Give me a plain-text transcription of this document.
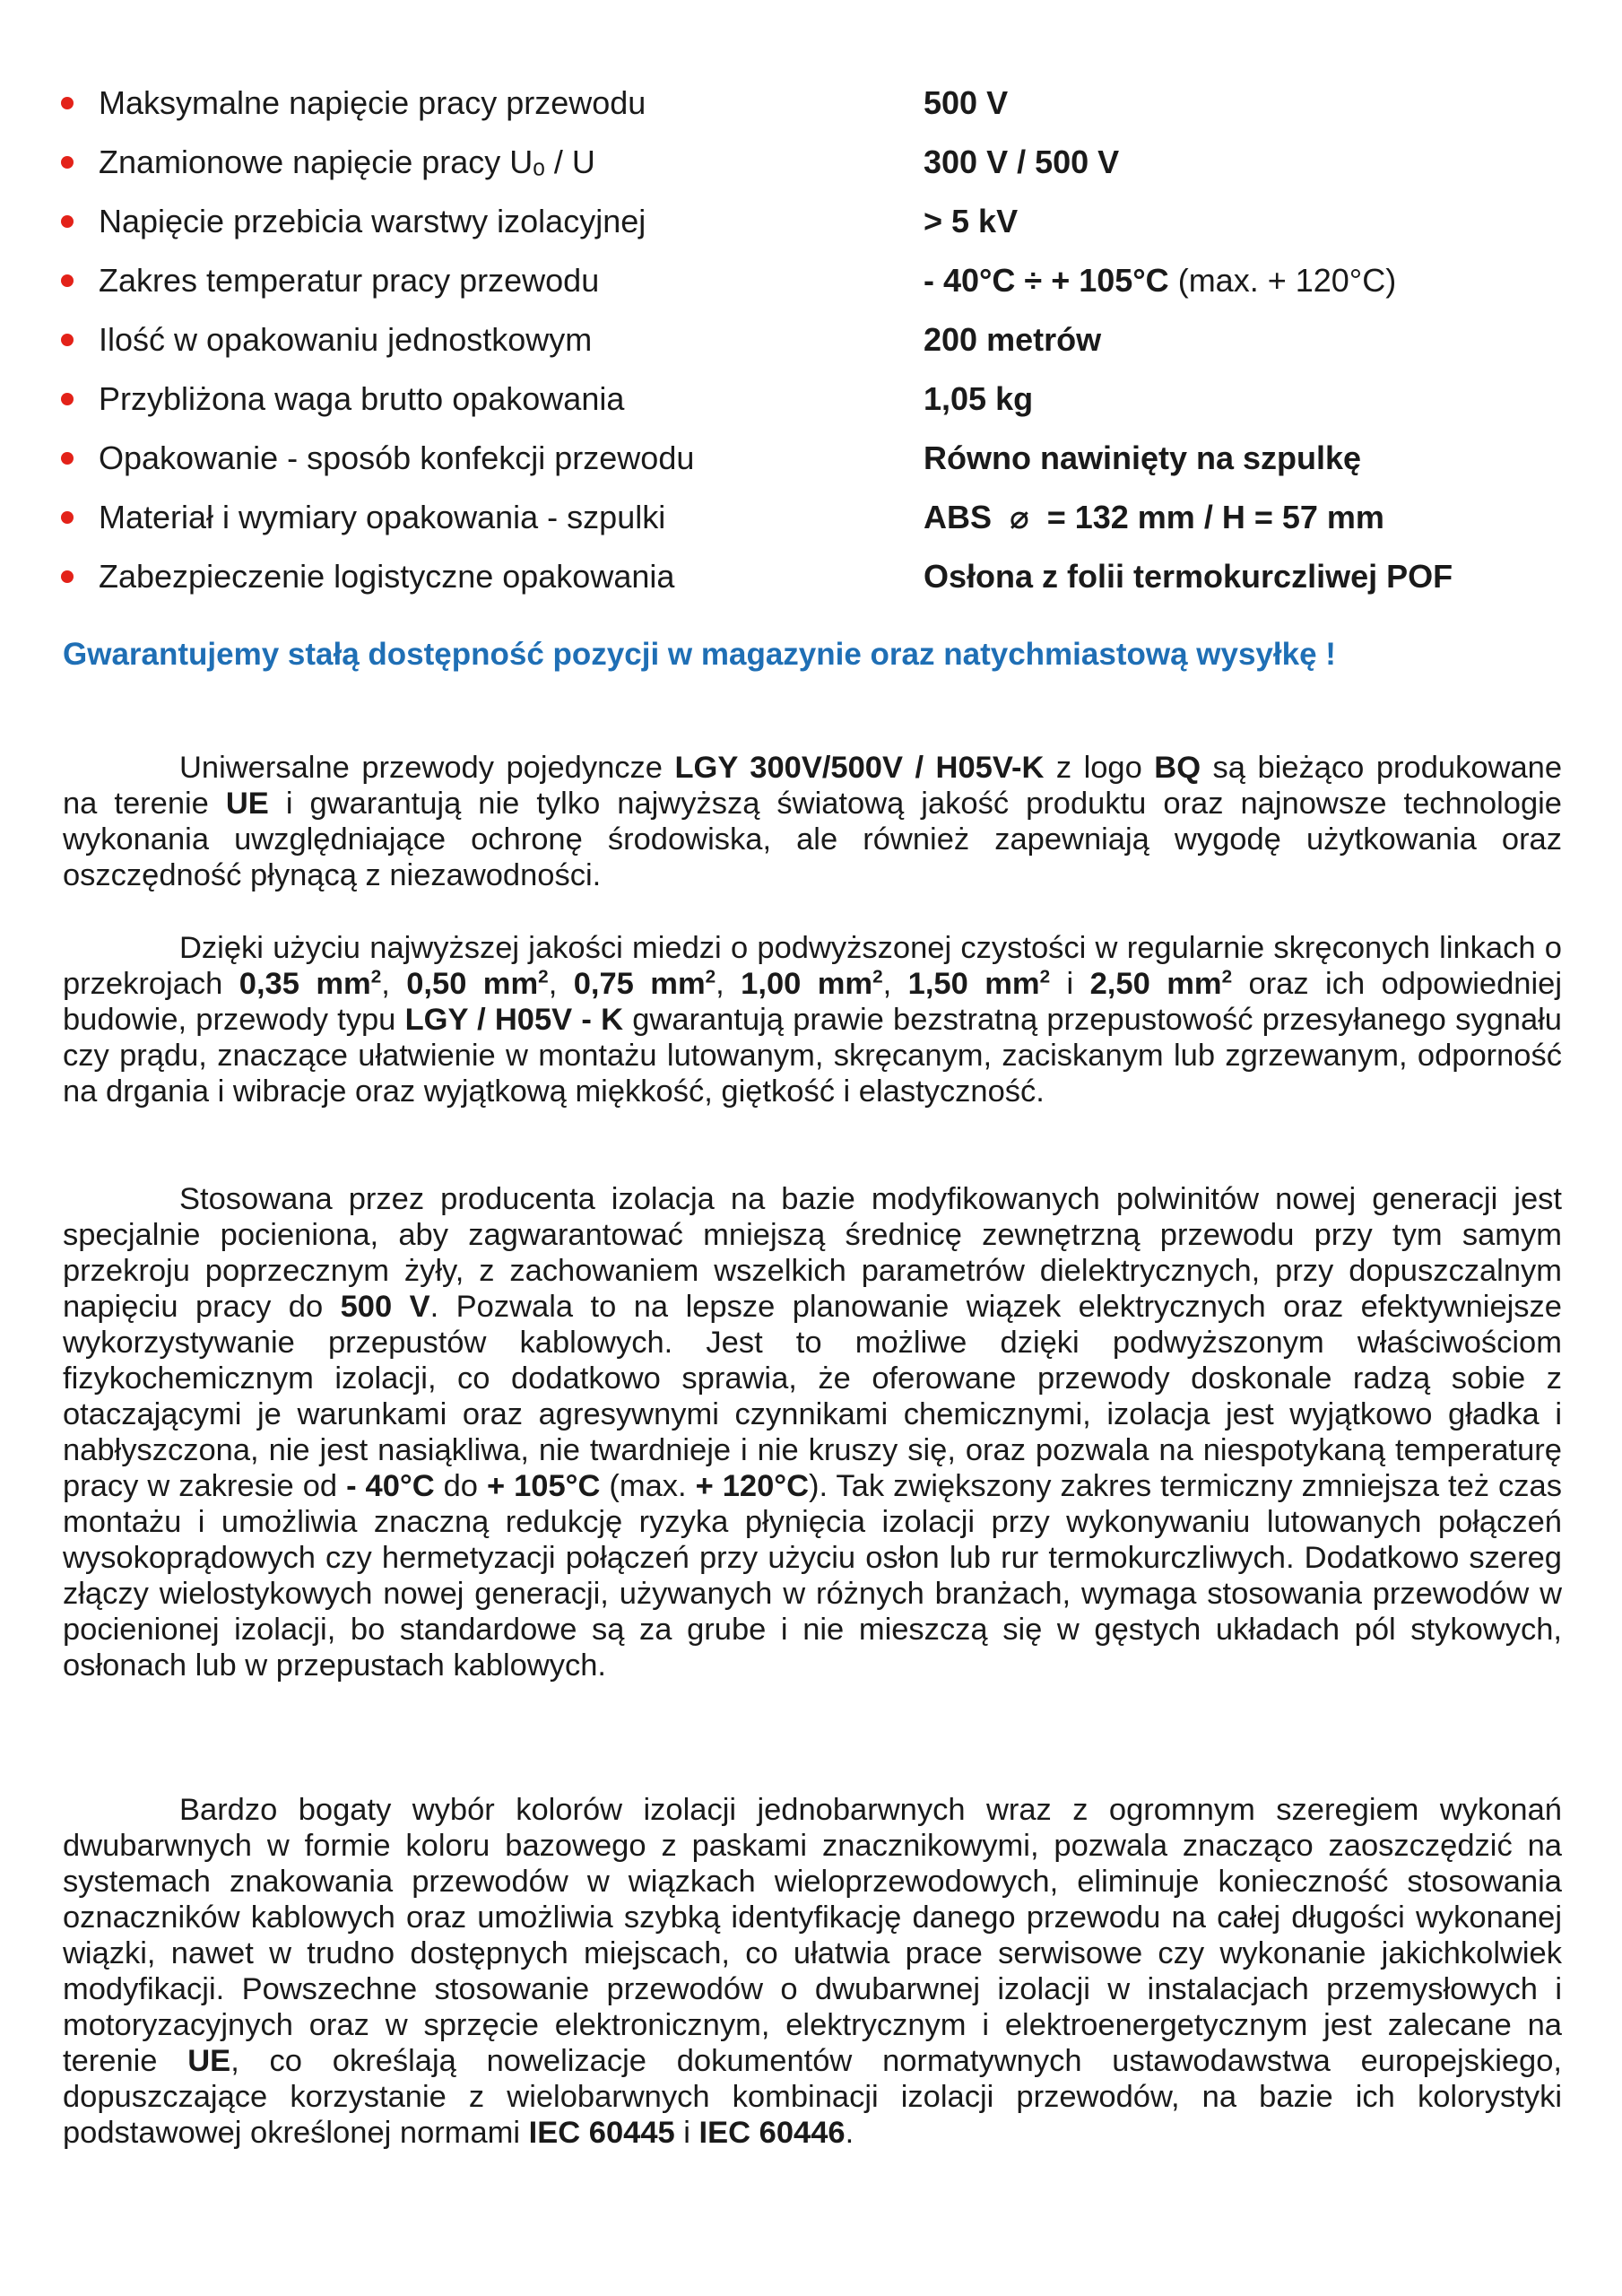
Maksymalne napięcie pracy przewodu	500 V
Znamionowe napięcie pracy Uₒ / U	300 V / 500 V
Napięcie przebicia warstwy izolacyjnej	> 5 kV
Zakres temperatur pracy przewodu	- 40°C ÷ + 105°C (max. + 120°C)
Ilość w opakowaniu jednostkowym	200 metrów
Przybliżona waga brutto opakowania	1,05 kg
Opakowanie - sposób konfekcji przewodu	Równo nawinięty na szpulkę
Materiał i wymiary opakowania - szpulki	ABS ⌀ = 132 mm / H = 57 mm
Zabezpieczenie logistyczne opakowania	Osłona z folii termokurczliwej POF
Gwarantujemy stałą dostępność pozycji w magazynie oraz natychmiastową wysyłkę !

Uniwersalne przewody pojedyncze LGY 300V/500V / H05V-K z logo BQ są bieżąco produkowane na terenie UE i gwarantują nie tylko najwyższą światową jakość produktu oraz najnowsze technologie wykonania uwzględniające ochronę środowiska, ale również zapewniają wygodę użytkowania oraz oszczędność płynącą z niezawodności.

Dzięki użyciu najwyższej jakości miedzi o podwyższonej czystości w regularnie skręconych linkach o przekrojach 0,35 $mm^2$, 0,50 $mm^2$, 0,75 $mm^2$, 1,00 $mm^2$, 1,50 $mm^2$ i 2,50 $mm^2$ oraz ich odpowiedniej budowie, przewody typu LGY / H05V - K gwarantują prawie bezstratną przepustowość przesyłanego sygnału czy prądu, znaczące ułatwienie w montażu lutowanym, skręcanym, zaciskanym lub zgrzewanym, odporność na drgania i wibracje oraz wyjątkową miękkość, giętkość i elastyczność.

Stosowana przez producenta izolacja na bazie modyfikowanych polwinitów nowej generacji jest specjalnie pocieniona, aby zagwarantować mniejszą średnicę zewnętrzną przewodu przy tym samym przekroju poprzecznym żyły, z zachowaniem wszelkich parametrów dielektrycznych, przy dopuszczalnym napięciu pracy do 500 V. Pozwala to na lepsze planowanie wiązek elektrycznych oraz efektywniejsze wykorzystywanie przepustów kablowych. Jest to możliwe dzięki podwyższonym właściwościom fizykochemicznym izolacji, co dodatkowo sprawia, że oferowane przewody doskonale radzą sobie z otaczającymi je warunkami oraz agresywnymi czynnikami chemicznymi, izolacja jest wyjątkowo gładka i nabłyszczona, nie jest nasiąkliwa, nie twardnieje i nie kruszy się, oraz pozwala na niespotykaną temperaturę pracy w zakresie od - 40°C do + 105°C (max. + 120°C). Tak zwiększony zakres termiczny zmniejsza też czas montażu i umożliwia znaczną redukcję ryzyka płynięcia izolacji przy wykonywaniu lutowanych połączeń wysokoprądowych czy hermetyzacji połączeń przy użyciu osłon lub rur termokurczliwych. Dodatkowo szereg złączy wielostykowych nowej generacji, używanych w różnych branżach, wymaga stosowania przewodów w pocienionej izolacji, bo standardowe są za grube i nie mieszczą się w gęstych układach pól stykowych, osłonach lub w przepustach kablowych.

Bardzo bogaty wybór kolorów izolacji jednobarwnych wraz z ogromnym szeregiem wykonań dwubarwnych w formie koloru bazowego z paskami znacznikowymi, pozwala znacząco zaoszczędzić na systemach znakowania przewodów w wiązkach wieloprzewodowych, eliminuje konieczność stosowania oznaczników kablowych oraz umożliwia szybką identyfikację danego przewodu na całej długości wykonanej wiązki, nawet w trudno dostępnych miejscach, co ułatwia prace serwisowe czy wykonanie jakichkolwiek modyfikacji. Powszechne stosowanie przewodów o dwubarwnej izolacji w instalacjach przemysłowych i motoryzacyjnych oraz w sprzęcie elektronicznym, elektrycznym i elektroenergetycznym jest zalecane na terenie UE, co określają nowelizacje dokumentów normatywnych ustawodawstwa europejskiego, dopuszczające korzystanie z wielobarwnych kombinacji izolacji przewodów, na bazie ich kolorystyki podstawowej określonej normami IEC 60445 i IEC 60446.
